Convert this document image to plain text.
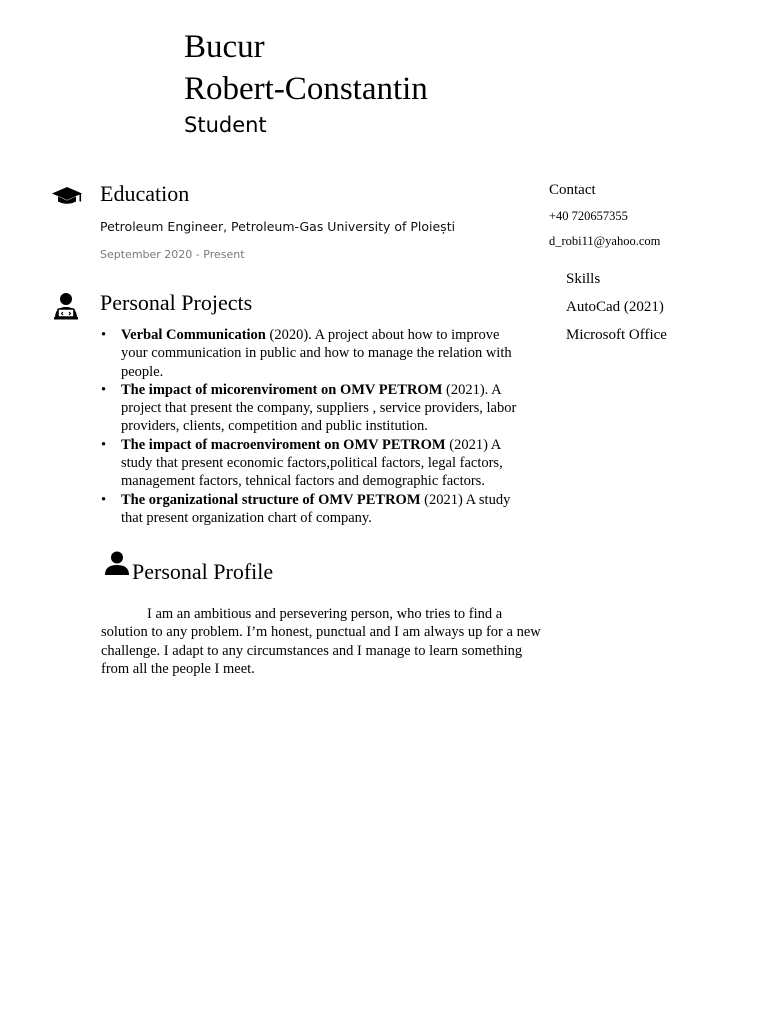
Bucur
Robert-Constantin
Student
Education
Petroleum Engineer, Petroleum-Gas University of Ploiești
September 2020 - Present
Personal Projects
• Verbal Communication (2020). A project about how to improve your communication in public and how to manage the relation with people.
• The impact of micorenviroment on OMV PETROM (2021). A project that present the company, suppliers , service providers, labor providers, clients, competition and public institution.
• The impact of macroenviroment on OMV PETROM (2021) A study that present economic factors,political factors, legal factors, management factors, tehnical factors and demographic factors.
• The organizational structure of OMV PETROM (2021) A study that present organization chart of company.
Personal Profile

I am an ambitious and persevering person, who tries to find a solution to any problem. I’m honest, punctual and I am always up for a new challenge. I adapt to any circumstances and I manage to learn something from all the people I meet.

Contact
+40 720657355
d_robi11@yahoo.com
Skills
AutoCad (2021)
Microsoft Office
